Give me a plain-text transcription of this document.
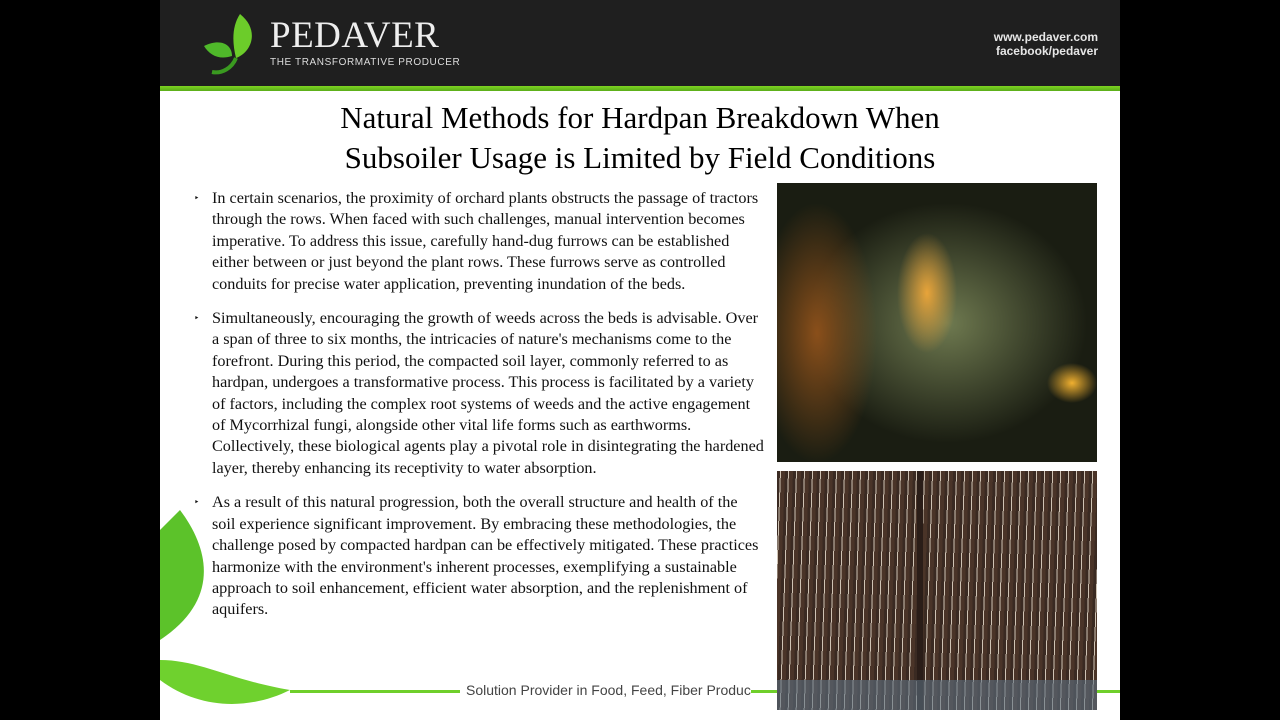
PEDAVER
THE TRANSFORMATIVE PRODUCER
www.pedaver.com
facebook/pedaver
Natural Methods for Hardpan Breakdown When
Subsoiler Usage is Limited by Field Conditions
‣ In certain scenarios, the proximity of orchard plants obstructs the passage of tractors through the rows. When faced with such challenges, manual intervention becomes imperative. To address this issue, carefully hand-dug furrows can be established either between or just beyond the plant rows. These furrows serve as controlled conduits for precise water application, preventing inundation of the beds.
‣ Simultaneously, encouraging the growth of weeds across the beds is advisable. Over a span of three to six months, the intricacies of nature's mechanisms come to the forefront. During this period, the compacted soil layer, commonly referred to as hardpan, undergoes a transformative process. This process is facilitated by a variety of factors, including the complex root systems of weeds and the active engagement of Mycorrhizal fungi, alongside other vital life forms such as earthworms. Collectively, these biological agents play a pivotal role in disintegrating the hardened layer, thereby enhancing its receptivity to water absorption.
‣ As a result of this natural progression, both the overall structure and health of the soil experience significant improvement. By embracing these methodologies, the challenge posed by compacted hardpan can be effectively mitigated. These practices harmonize with the environment's inherent processes, exemplifying a sustainable approach to soil enhancement, efficient water absorption, and the replenishment of aquifers.
Solution Provider in Food, Feed, Fiber Produc
